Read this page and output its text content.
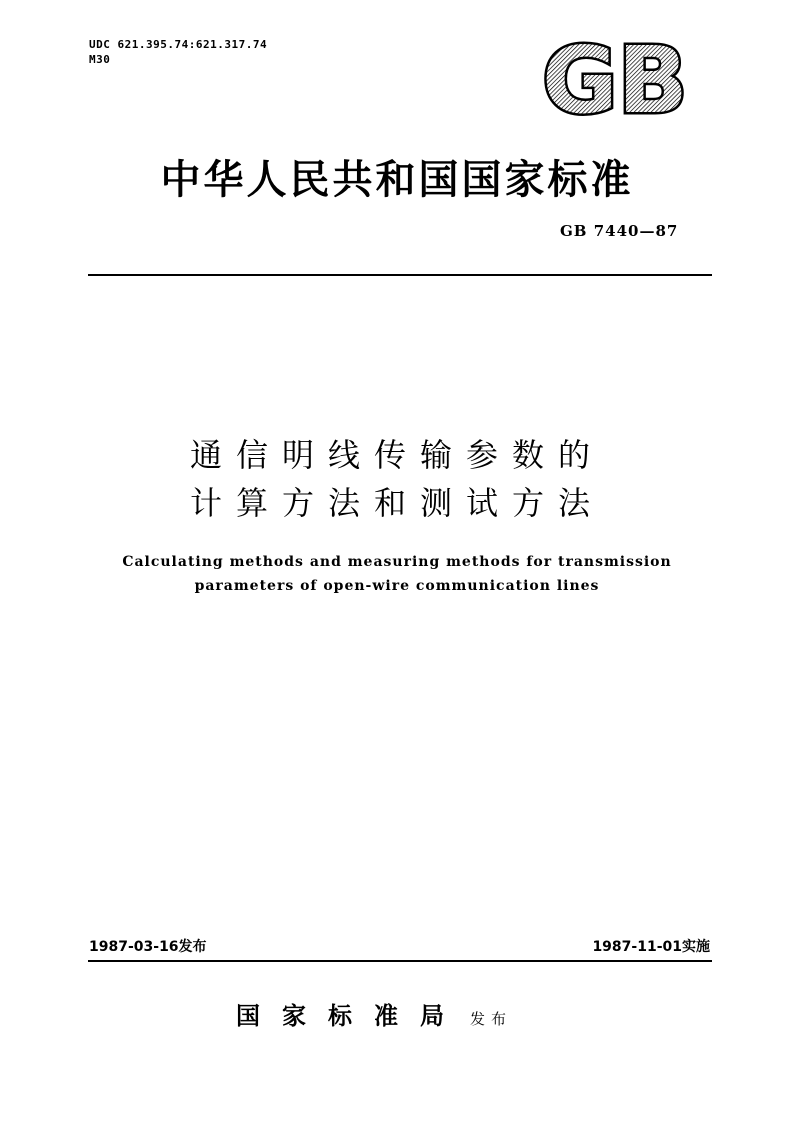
UDC 621.395.74:621.317.74
M30	GB
中华人民共和国国家标准
GB 7440—87
通信明线传输参数的
计算方法和测试方法
Calculating methods and measuring methods for transmission
parameters of open-wire communication lines
1987-03-16发布	1987-11-01实施
国家标准局 发布
